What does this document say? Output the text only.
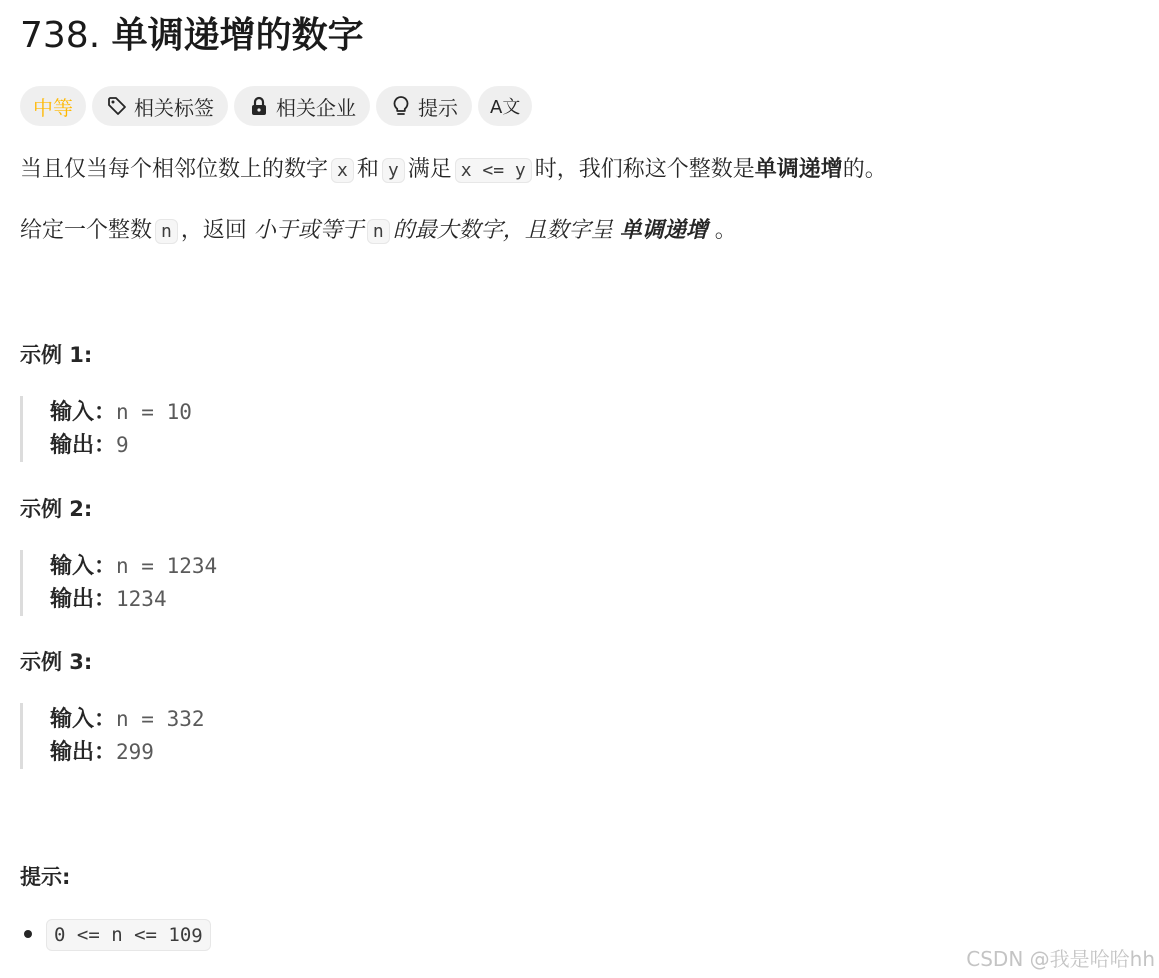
738. 单调递增的数字
中等	相关标签	相关企业	提示 A文
当且仅当每个相邻位数上的数字 x 和 y 满足 x <= y 时，我们称这个整数是单调递增的。
给定一个整数 n ，返回 小于或等于 n 的最大数字，且数字呈 单调递增 。
示例 1:
输入：n = 10
输出：9
示例 2:
输入：n = 1234
输出：1234
示例 3:
输入：n = 332
输出：299
提示:
$0 <= n <= 10^9$
CSDN @我是哈哈hh
